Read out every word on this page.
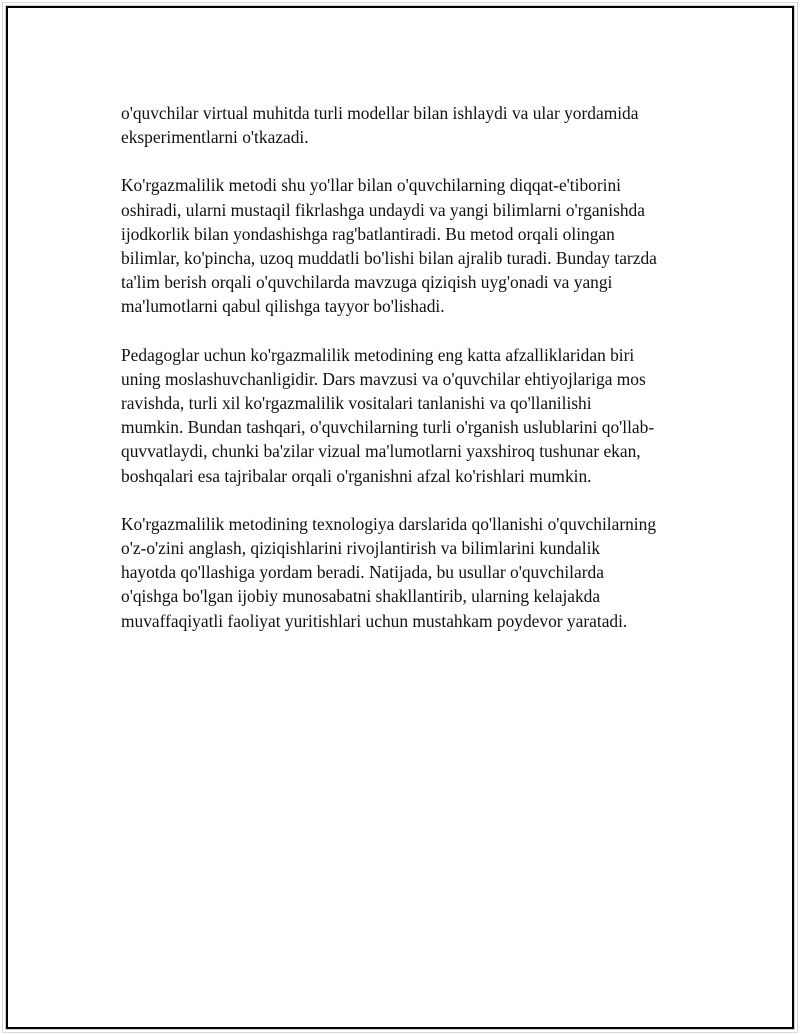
o'quvchilar virtual muhitda turli modellar bilan ishlaydi va ular yordamida
eksperimentlarni o'tkazadi.

Ko'rgazmalilik metodi shu yo'llar bilan o'quvchilarning diqqat-e'tiborini
oshiradi, ularni mustaqil fikrlashga undaydi va yangi bilimlarni o'rganishda
ijodkorlik bilan yondashishga rag'batlantiradi. Bu metod orqali olingan
bilimlar, ko'pincha, uzoq muddatli bo'lishi bilan ajralib turadi. Bunday tarzda
ta'lim berish orqali o'quvchilarda mavzuga qiziqish uyg'onadi va yangi
ma'lumotlarni qabul qilishga tayyor bo'lishadi.

Pedagoglar uchun ko'rgazmalilik metodining eng katta afzalliklaridan biri
uning moslashuvchanligidir. Dars mavzusi va o'quvchilar ehtiyojlariga mos
ravishda, turli xil ko'rgazmalilik vositalari tanlanishi va qo'llanilishi
mumkin. Bundan tashqari, o'quvchilarning turli o'rganish uslublarini qo'llab-
quvvatlaydi, chunki ba'zilar vizual ma'lumotlarni yaxshiroq tushunar ekan,
boshqalari esa tajribalar orqali o'rganishni afzal ko'rishlari mumkin.

Ko'rgazmalilik metodining texnologiya darslarida qo'llanishi o'quvchilarning
o'z-o'zini anglash, qiziqishlarini rivojlantirish va bilimlarini kundalik
hayotda qo'llashiga yordam beradi. Natijada, bu usullar o'quvchilarda
o'qishga bo'lgan ijobiy munosabatni shakllantirib, ularning kelajakda
muvaffaqiyatli faoliyat yuritishlari uchun mustahkam poydevor yaratadi.
